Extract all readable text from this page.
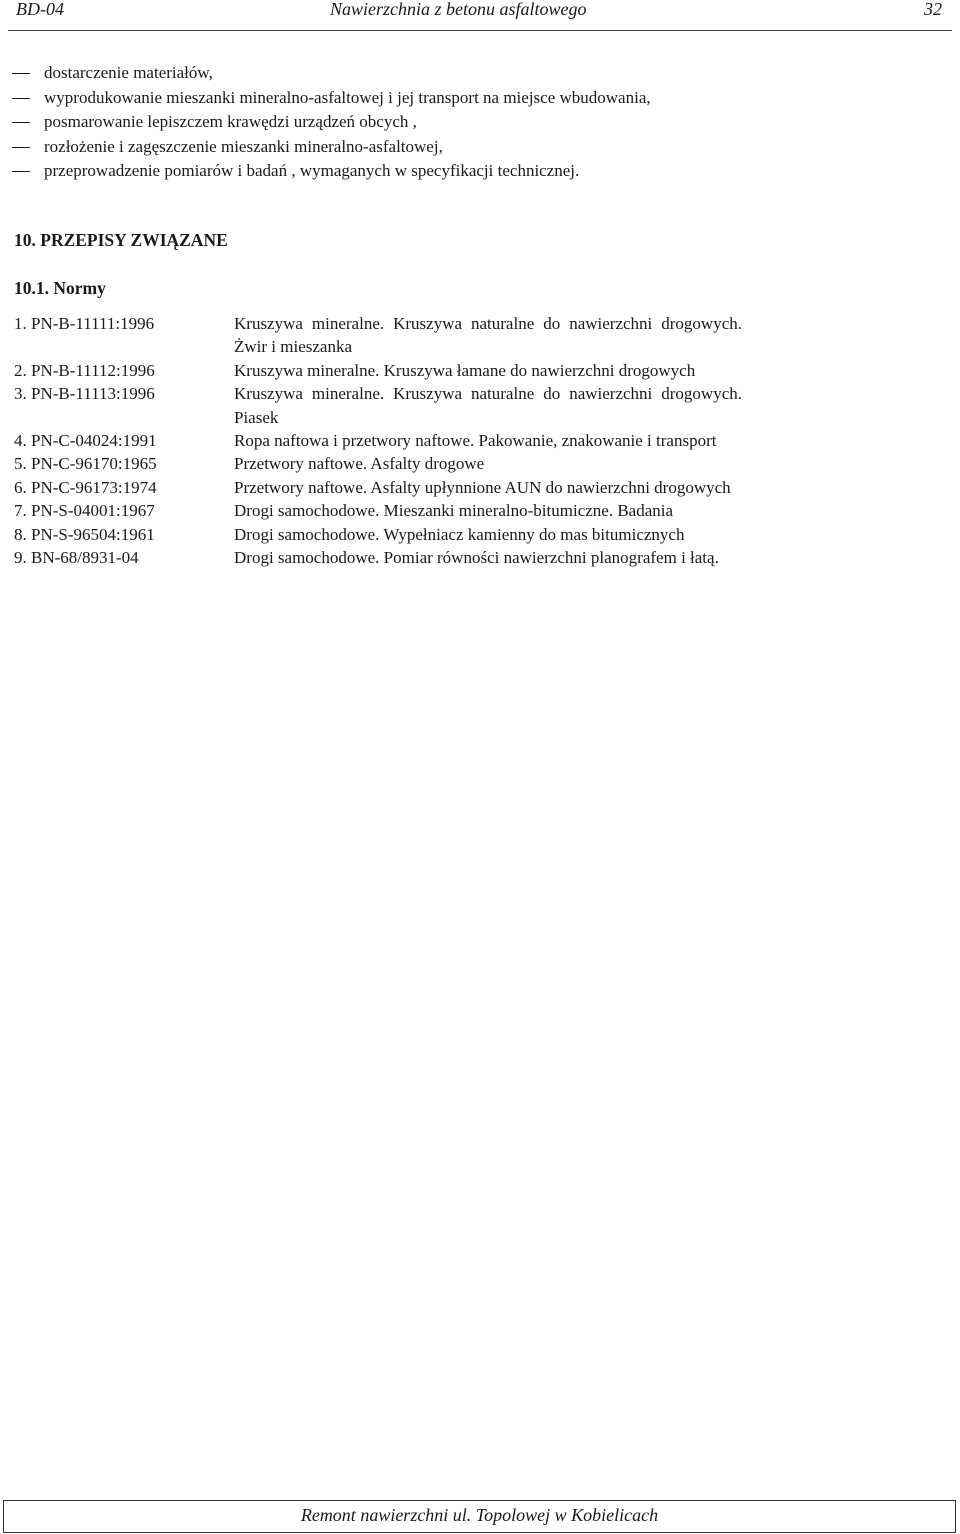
BD-04	Nawierzchnia z betonu asfaltowego	32
dostarczenie materiałów,
wyprodukowanie mieszanki mineralno-asfaltowej i jej transport na miejsce wbudowania,
posmarowanie lepiszczem krawędzi urządzeń obcych ,
rozłożenie i zagęszczenie mieszanki mineralno-asfaltowej,
przeprowadzenie pomiarów i badań , wymaganych w specyfikacji technicznej.
10. PRZEPISY ZWIĄZANE
10.1. Normy
1. PN-B-11111:1996	Kruszywa mineralne. Kruszywa naturalne do nawierzchni drogowych. Żwir i mieszanka
2. PN-B-11112:1996	Kruszywa mineralne. Kruszywa łamane do nawierzchni drogowych
3. PN-B-11113:1996	Kruszywa mineralne. Kruszywa naturalne do nawierzchni drogowych. Piasek
4. PN-C-04024:1991	Ropa naftowa i przetwory naftowe. Pakowanie, znakowanie i transport
5. PN-C-96170:1965	Przetwory naftowe. Asfalty drogowe
6. PN-C-96173:1974	Przetwory naftowe. Asfalty upłynnione AUN do nawierzchni drogowych
7. PN-S-04001:1967	Drogi samochodowe. Mieszanki mineralno-bitumiczne. Badania
8. PN-S-96504:1961	Drogi samochodowe. Wypełniacz kamienny do mas bitumicznych
9. BN-68/8931-04	Drogi samochodowe. Pomiar równości nawierzchni planografem i łatą.
Remont nawierzchni ul. Topolowej w Kobielicach
